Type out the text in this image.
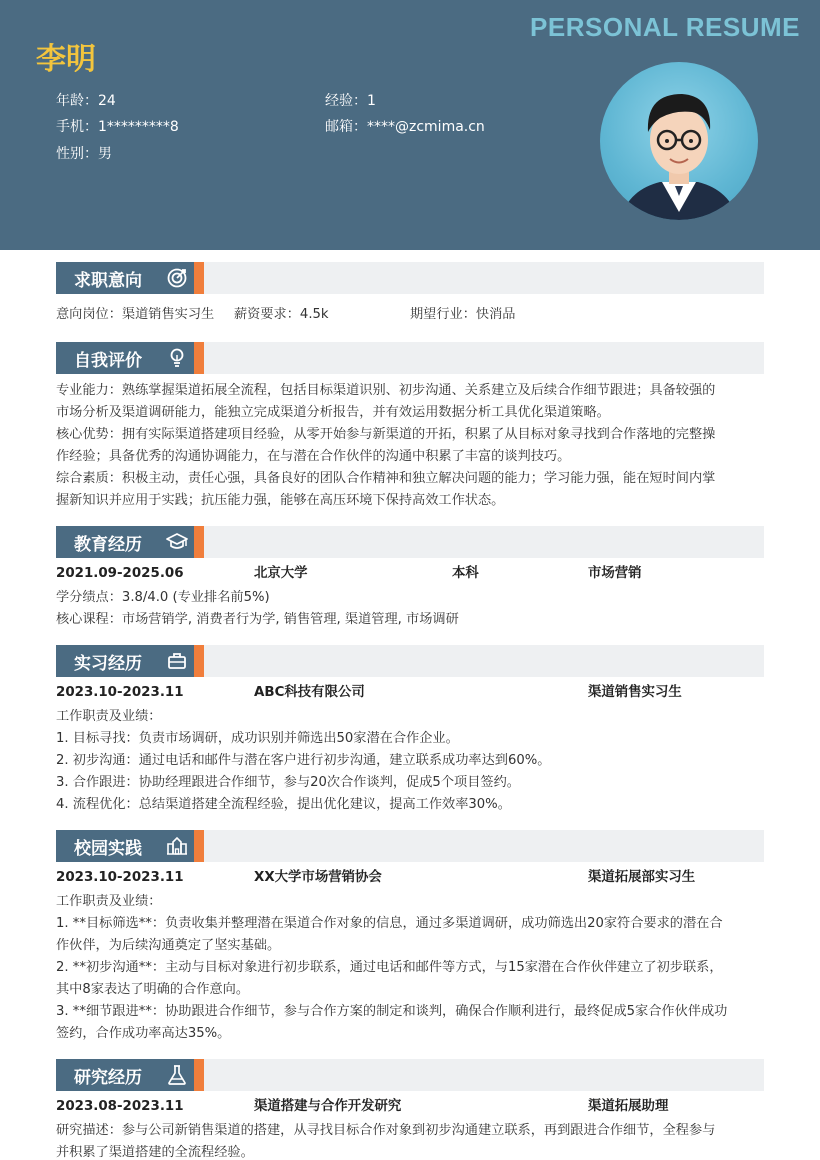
PERSONAL RESUME
李明
年龄：24	经验：1
手机：1*********8	邮箱：****@zcmima.cn
性别：男
求职意向
意向岗位：渠道销售实习生 薪资要求：4.5k	期望行业：快消品
自我评价
专业能力：熟练掌握渠道拓展全流程，包括目标渠道识别、初步沟通、关系建立及后续合作细节跟进；具备较强的
市场分析及渠道调研能力，能独立完成渠道分析报告，并有效运用数据分析工具优化渠道策略。
核心优势：拥有实际渠道搭建项目经验，从零开始参与新渠道的开拓，积累了从目标对象寻找到合作落地的完整操
作经验；具备优秀的沟通协调能力，在与潜在合作伙伴的沟通中积累了丰富的谈判技巧。
综合素质：积极主动，责任心强，具备良好的团队合作精神和独立解决问题的能力；学习能力强，能在短时间内掌
握新知识并应用于实践；抗压能力强，能够在高压环境下保持高效工作状态。
教育经历
2021.09-2025.06	北京大学	本科	市场营销
学分绩点：3.8/4.0 (专业排名前5%)
核心课程：市场营销学, 消费者行为学, 销售管理, 渠道管理, 市场调研
实习经历
2023.10-2023.11	ABC科技有限公司	渠道销售实习生
工作职责及业绩：
1. 目标寻找：负责市场调研，成功识别并筛选出50家潜在合作企业。
2. 初步沟通：通过电话和邮件与潜在客户进行初步沟通，建立联系成功率达到60%。
3. 合作跟进：协助经理跟进合作细节，参与20次合作谈判，促成5个项目签约。
4. 流程优化：总结渠道搭建全流程经验，提出优化建议，提高工作效率30%。
校园实践
2023.10-2023.11	XX大学市场营销协会	渠道拓展部实习生
工作职责及业绩：
1. **目标筛选**：负责收集并整理潜在渠道合作对象的信息，通过多渠道调研，成功筛选出20家符合要求的潜在合
作伙伴，为后续沟通奠定了坚实基础。
2. **初步沟通**：主动与目标对象进行初步联系，通过电话和邮件等方式，与15家潜在合作伙伴建立了初步联系，
其中8家表达了明确的合作意向。
3. **细节跟进**：协助跟进合作细节，参与合作方案的制定和谈判，确保合作顺利进行，最终促成5家合作伙伴成功
签约，合作成功率高达35%。
研究经历
2023.08-2023.11	渠道搭建与合作开发研究	渠道拓展助理
研究描述：参与公司新销售渠道的搭建，从寻找目标合作对象到初步沟通建立联系，再到跟进合作细节，全程参与
并积累了渠道搭建的全流程经验。
